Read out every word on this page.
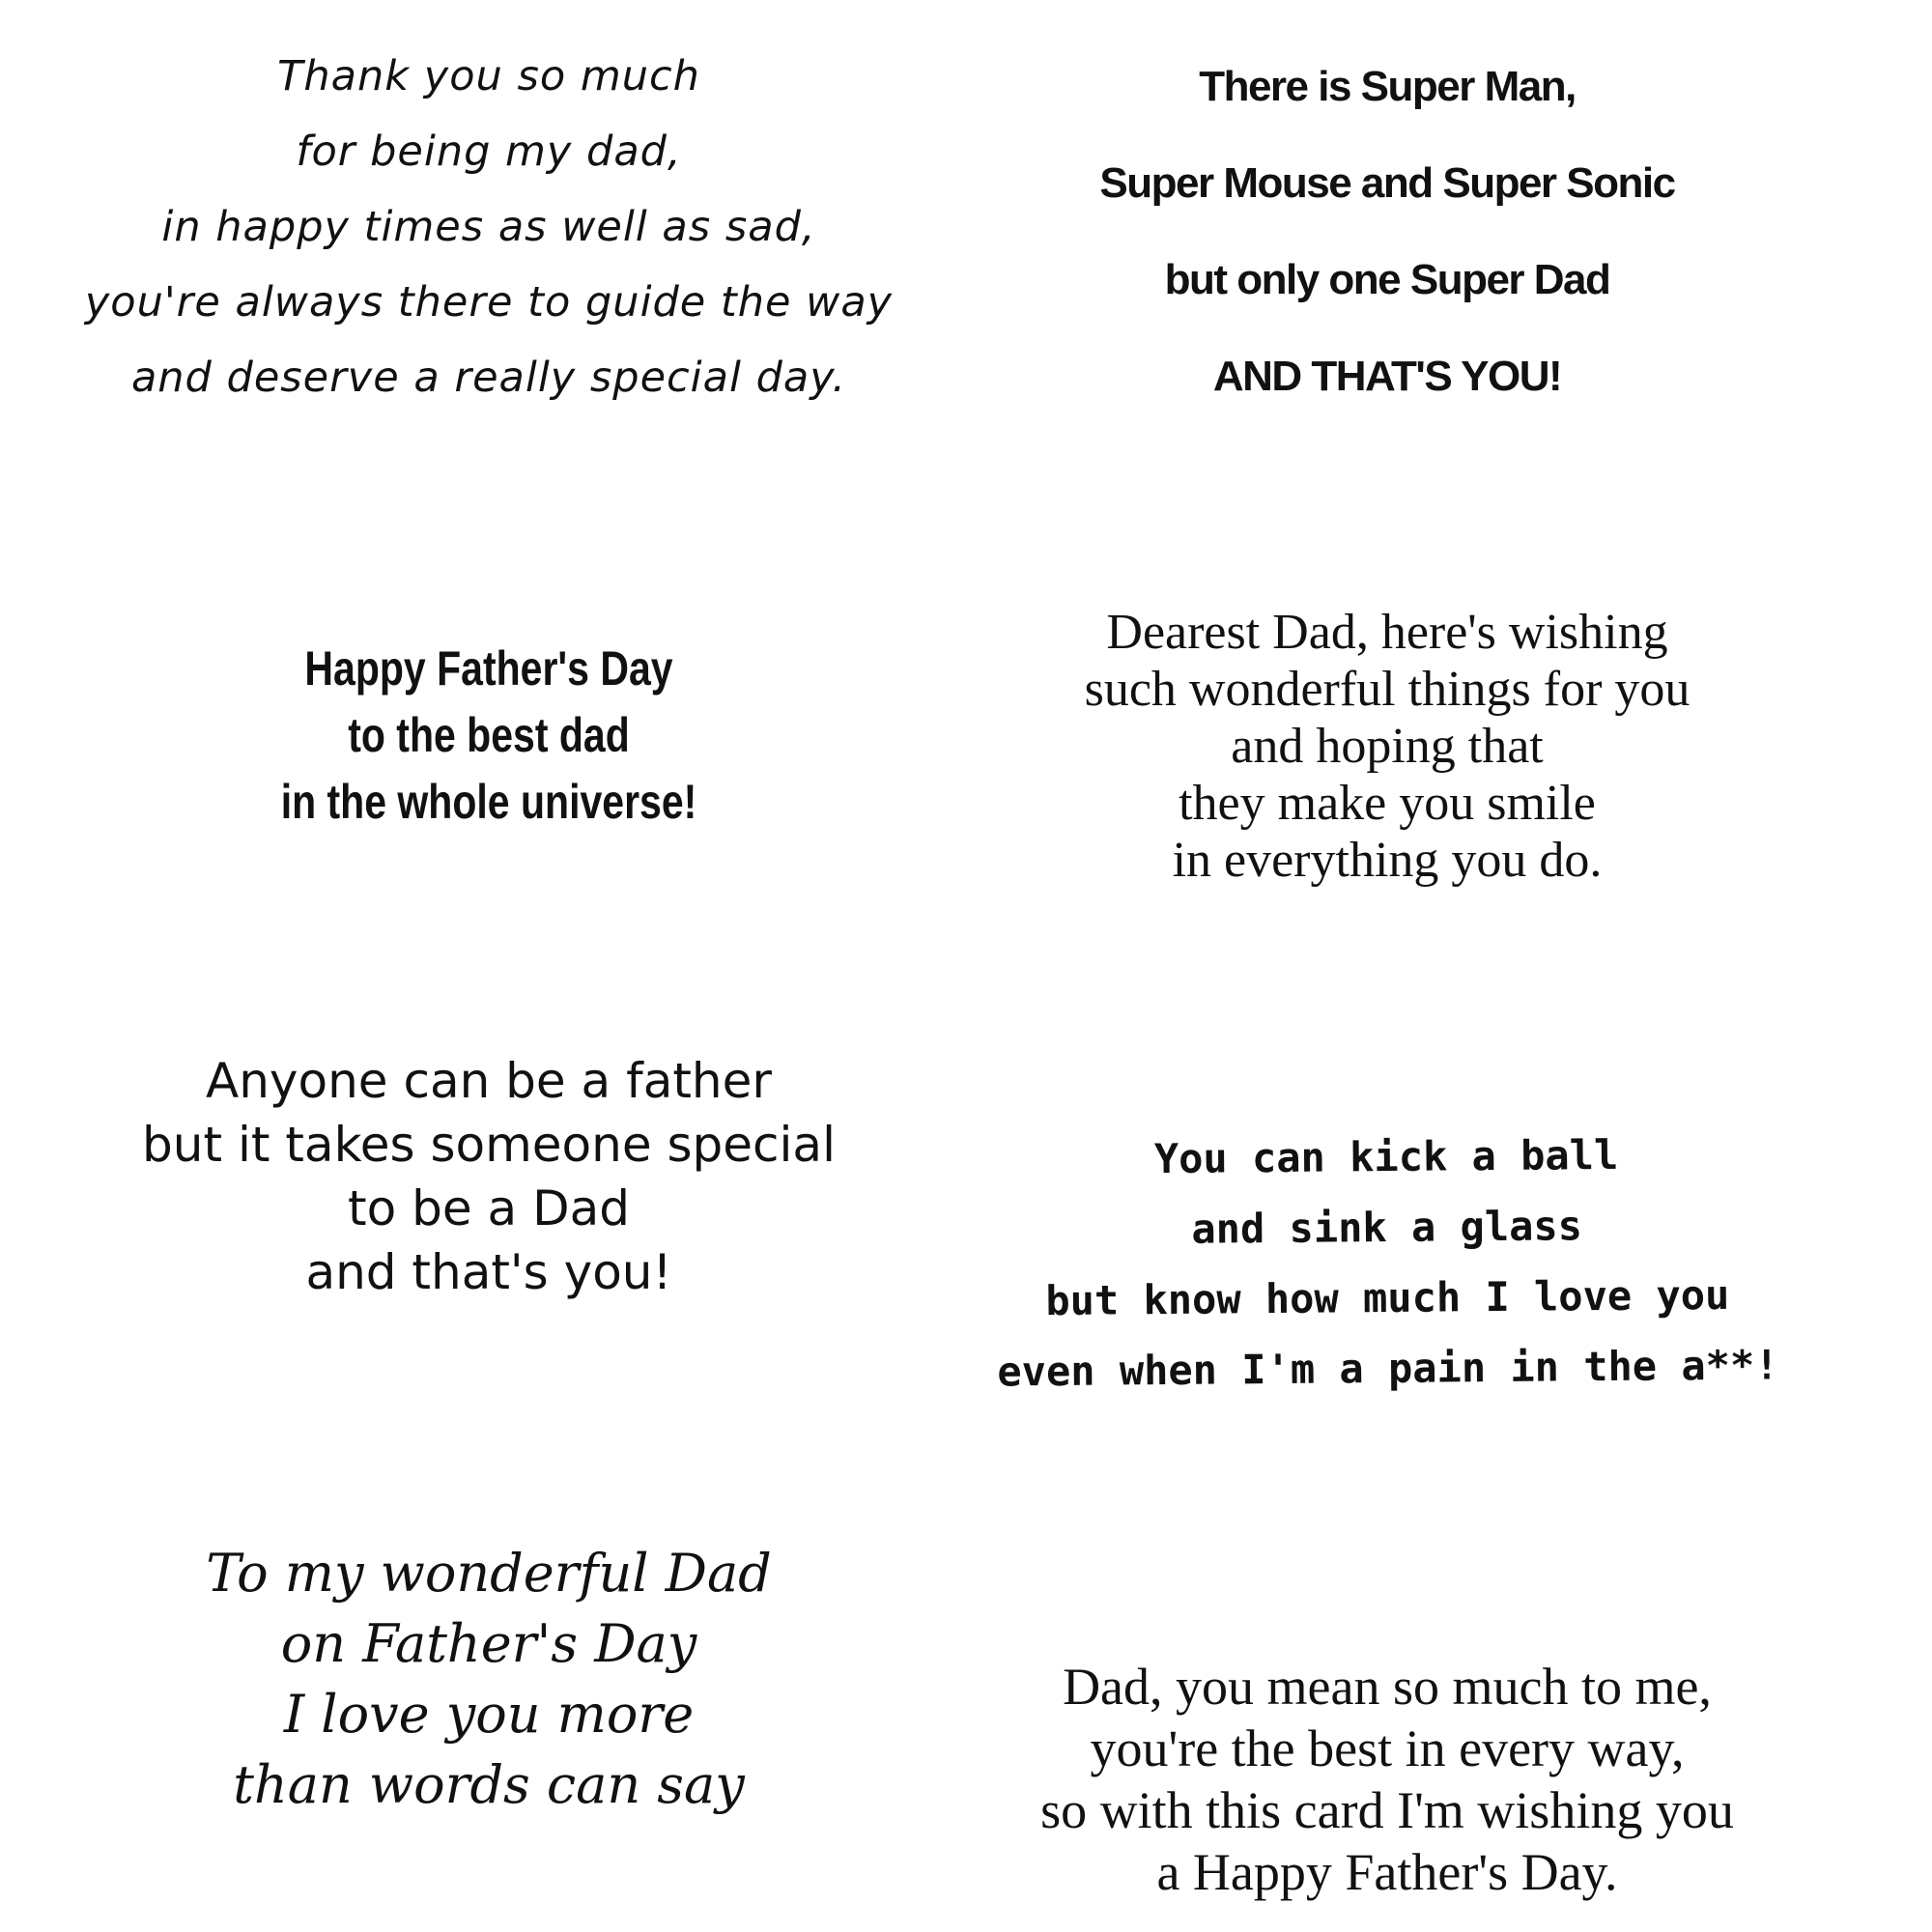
Thank you so much
for being my dad,
in happy times as well as sad,
you're always there to guide the way
and deserve a really special day.
There is Super Man,
Super Mouse and Super Sonic
but only one Super Dad
AND THAT'S YOU!
Happy Father's Day
to the best dad
in the whole universe!
Dearest Dad, here's wishing
such wonderful things for you
and hoping that
they make you smile
in everything you do.
Anyone can be a father
but it takes someone special
to be a Dad
and that's you!
You can kick a ball
and sink a glass
but know how much I love you
even when I'm a pain in the a**!
To my wonderful Dad
on Father's Day
I love you more
than words can say
Dad, you mean so much to me,
you're the best in every way,
so with this card I'm wishing you
a Happy Father's Day.
